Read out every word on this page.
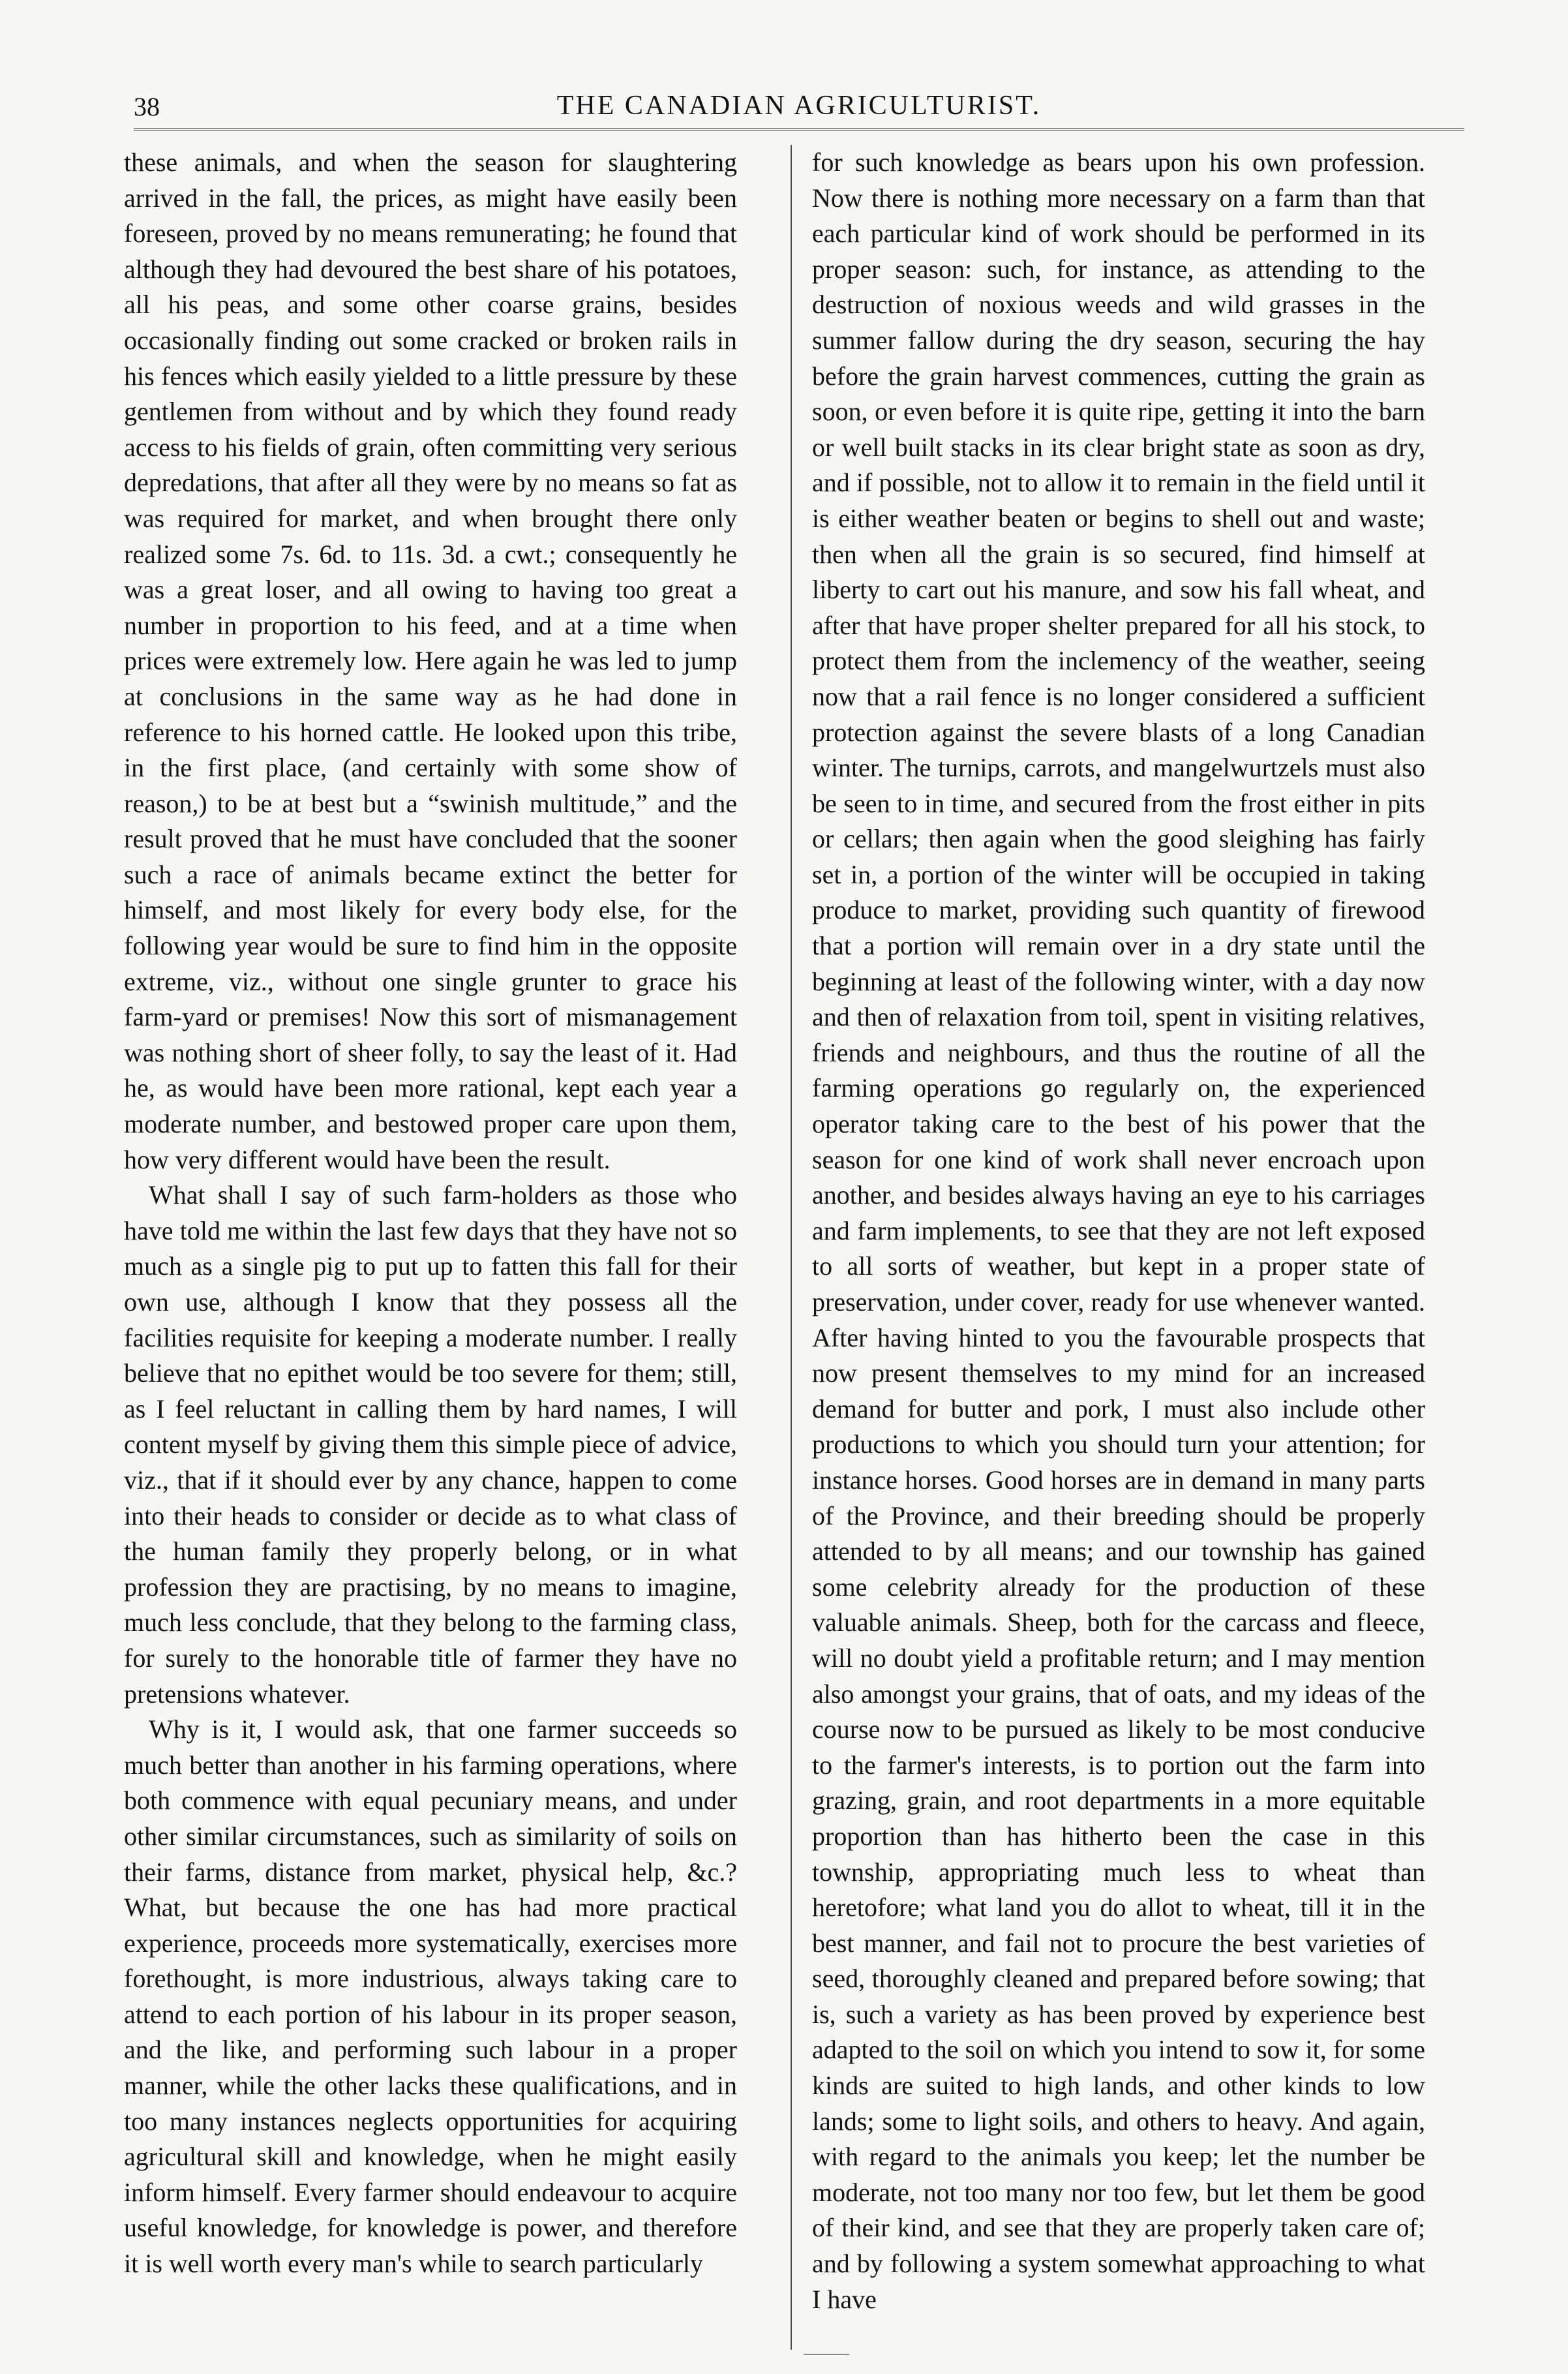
38	THE CANADIAN AGRICULTURIST.

these animals, and when the season for slaughtering arrived in the fall, the prices, as might have easily been foreseen, proved by no means remunerating; he found that although they had devoured the best share of his potatoes, all his peas, and some other coarse grains, besides occasionally finding out some cracked or broken rails in his fences which easily yielded to a little pressure by these gentlemen from without and by which they found ready access to his fields of grain, often committing very serious depredations, that after all they were by no means so fat as was required for market, and when brought there only realized some 7s. 6d. to 11s. 3d. a cwt.; consequently he was a great loser, and all owing to having too great a number in proportion to his feed, and at a time when prices were extremely low. Here again he was led to jump at conclusions in the same way as he had done in reference to his horned cattle. He looked upon this tribe, in the first place, (and certainly with some show of reason,) to be at best but a “swinish multitude,” and the result proved that he must have concluded that the sooner such a race of animals became extinct the better for himself, and most likely for every body else, for the following year would be sure to find him in the opposite extreme, viz., without one single grunter to grace his farm-yard or premises! Now this sort of mismanagement was nothing short of sheer folly, to say the least of it. Had he, as would have been more rational, kept each year a moderate number, and bestowed proper care upon them, how very different would have been the result.

What shall I say of such farm-holders as those who have told me within the last few days that they have not so much as a single pig to put up to fatten this fall for their own use, although I know that they possess all the facilities requisite for keeping a moderate number. I really believe that no epithet would be too severe for them; still, as I feel reluctant in calling them by hard names, I will content myself by giving them this simple piece of advice, viz., that if it should ever by any chance, happen to come into their heads to consider or decide as to what class of the human family they properly belong, or in what profession they are practising, by no means to imagine, much less conclude, that they belong to the farming class, for surely to the honorable title of farmer they have no pretensions whatever.

Why is it, I would ask, that one farmer succeeds so much better than another in his farming operations, where both commence with equal pecuniary means, and under other similar circumstances, such as similarity of soils on their farms, distance from market, physical help, &c.? What, but because the one has had more practical experience, proceeds more systematically, exercises more forethought, is more industrious, always taking care to attend to each portion of his labour in its proper season, and the like, and performing such labour in a proper manner, while the other lacks these qualifications, and in too many instances neglects opportunities for acquiring agricultural skill and knowledge, when he might easily inform himself. Every farmer should endeavour to acquire useful knowledge, for knowledge is power, and therefore it is well worth every man's while to search particularly

for such knowledge as bears upon his own profession. Now there is nothing more necessary on a farm than that each particular kind of work should be performed in its proper season: such, for instance, as attending to the destruction of noxious weeds and wild grasses in the summer fallow during the dry season, securing the hay before the grain harvest commences, cutting the grain as soon, or even before it is quite ripe, getting it into the barn or well built stacks in its clear bright state as soon as dry, and if possible, not to allow it to remain in the field until it is either weather beaten or begins to shell out and waste; then when all the grain is so secured, find himself at liberty to cart out his manure, and sow his fall wheat, and after that have proper shelter prepared for all his stock, to protect them from the inclemency of the weather, seeing now that a rail fence is no longer considered a sufficient protection against the severe blasts of a long Canadian winter. The turnips, carrots, and mangelwurtzels must also be seen to in time, and secured from the frost either in pits or cellars; then again when the good sleighing has fairly set in, a portion of the winter will be occupied in taking produce to market, providing such quantity of firewood that a portion will remain over in a dry state until the beginning at least of the following winter, with a day now and then of relaxation from toil, spent in visiting relatives, friends and neighbours, and thus the routine of all the farming operations go regularly on, the experienced operator taking care to the best of his power that the season for one kind of work shall never encroach upon another, and besides always having an eye to his carriages and farm implements, to see that they are not left exposed to all sorts of weather, but kept in a proper state of preservation, under cover, ready for use whenever wanted. After having hinted to you the favourable prospects that now present themselves to my mind for an increased demand for butter and pork, I must also include other productions to which you should turn your attention; for instance horses. Good horses are in demand in many parts of the Province, and their breeding should be properly attended to by all means; and our township has gained some celebrity already for the production of these valuable animals. Sheep, both for the carcass and fleece, will no doubt yield a profitable return; and I may mention also amongst your grains, that of oats, and my ideas of the course now to be pursued as likely to be most conducive to the farmer's interests, is to portion out the farm into grazing, grain, and root departments in a more equitable proportion than has hitherto been the case in this township, appropriating much less to wheat than heretofore; what land you do allot to wheat, till it in the best manner, and fail not to procure the best varieties of seed, thoroughly cleaned and prepared before sowing; that is, such a variety as has been proved by experience best adapted to the soil on which you intend to sow it, for some kinds are suited to high lands, and other kinds to low lands; some to light soils, and others to heavy. And again, with regard to the animals you keep; let the number be moderate, not too many nor too few, but let them be good of their kind, and see that they are properly taken care of; and by following a system somewhat approaching to what I have
